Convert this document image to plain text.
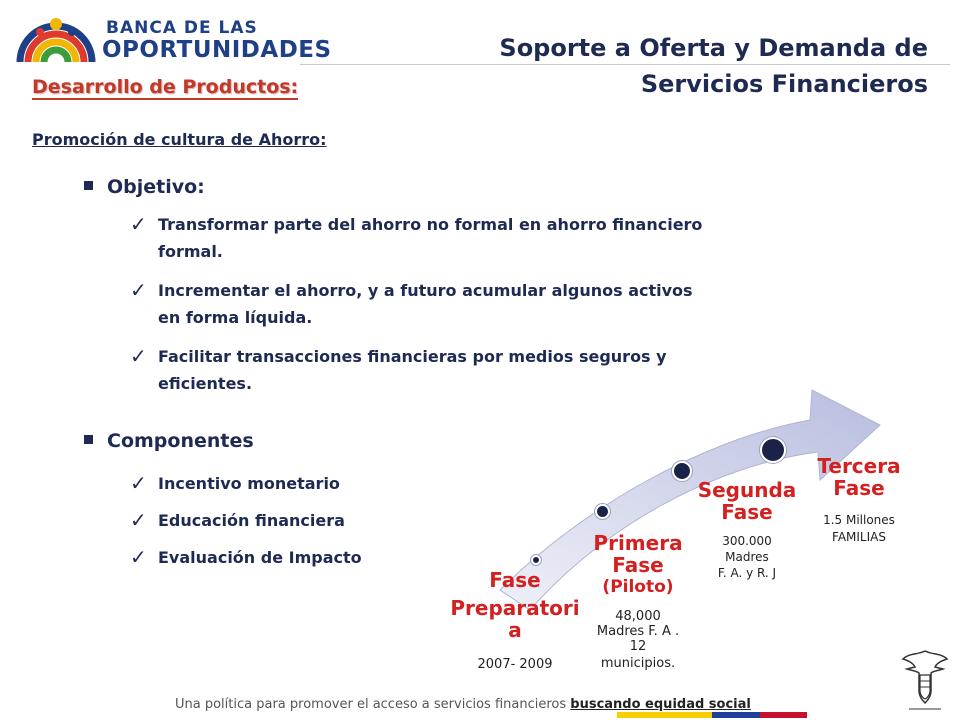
BANCA DE LAS
OPORTUNIDADES	Soporte a Oferta y Demanda de
Servicios Financieros
Desarrollo de Productos:
Promoción de cultura de Ahorro:
Objetivo:
✓ Transformar parte del ahorro no formal en ahorro financiero
formal.
✓ Incrementar el ahorro, y a futuro acumular algunos activos
en forma líquida.
✓ Facilitar transacciones financieras por medios seguros y
eficientes.
Componentes
✓ Incentivo monetario
✓ Educación financiera
✓ Evaluación de Impacto
Fase
Preparatori
a
2007- 2009
Primera
Fase
(Piloto)
48,000
Madres F. A .
12
municipios.
Segunda
Fase
300.000
Madres
F. A. y R. J
Tercera
Fase
1.5 Millones
FAMILIAS
Una política para promover el acceso a servicios financieros buscando equidad social
